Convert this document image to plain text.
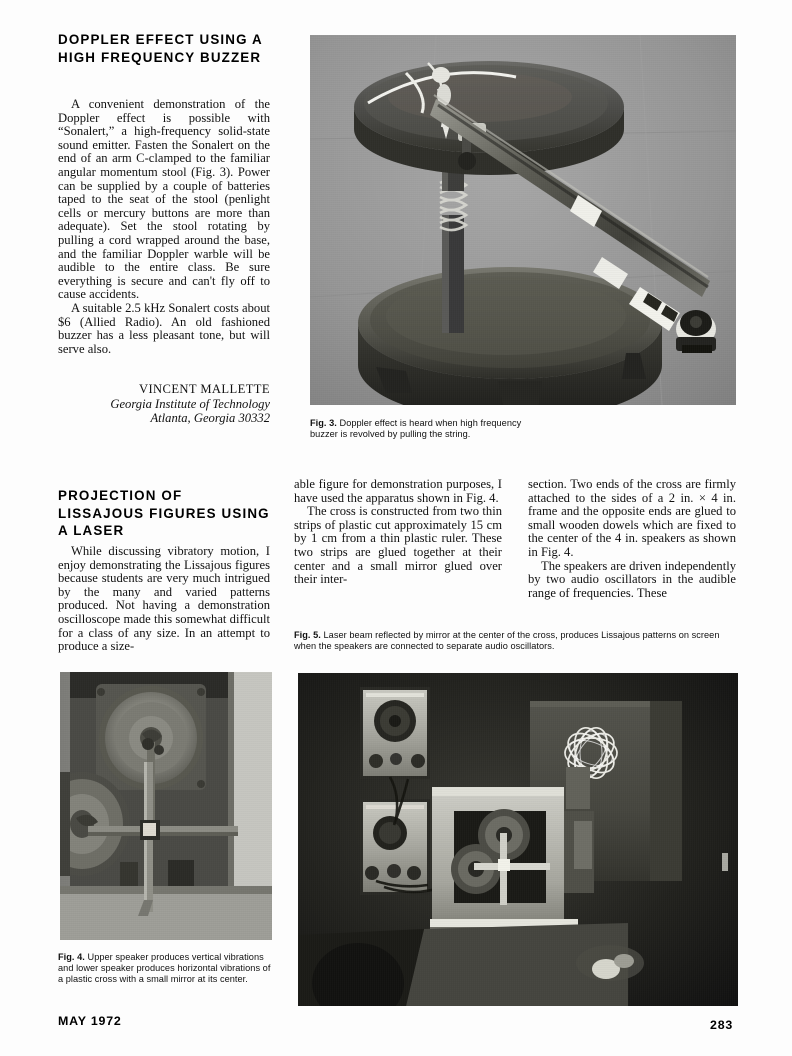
DOPPLER EFFECT USING A HIGH FREQUENCY BUZZER

A convenient demonstration of the Doppler effect is possible with “Sonalert,” a high-frequency solid-state sound emitter. Fasten the Sonalert on the end of an arm C-clamped to the familiar angular momentum stool (Fig. 3). Power can be supplied by a couple of batteries taped to the seat of the stool (penlight cells or mercury buttons are more than adequate). Set the stool rotating by pulling a cord wrapped around the base, and the familiar Doppler warble will be audible to the entire class. Be sure everything is secure and can't fly off to cause accidents.

A suitable 2.5 kHz Sonalert costs about $6 (Allied Radio). An old fashioned buzzer has a less pleasant tone, but will serve also.

VINCENT MALLETTE
Georgia Institute of Technology
Atlanta, Georgia 30332	Fig. 3. Doppler effect is heard when high frequency buzzer is revolved by pulling the string.
PROJECTION OF LISSAJOUS FIGURES USING A LASER

While discussing vibratory motion, I enjoy demonstrating the Lissajous figures because students are very much intrigued by the many and varied patterns produced. Not having a demonstration oscilloscope made this somewhat difficult for a class of any size. In an attempt to produce a size-

able figure for demonstration purposes, I have used the apparatus shown in Fig. 4.

The cross is constructed from two thin strips of plastic cut approximately 15 cm by 1 cm from a thin plastic ruler. These two strips are glued together at their center and a small mirror glued over their inter-

section. Two ends of the cross are firmly attached to the sides of a 2 in. × 4 in. frame and the opposite ends are glued to small wooden dowels which are fixed to the center of the 4 in. speakers as shown in Fig. 4.

The speakers are driven independently by two audio oscillators in the audible range of frequencies. These

Fig. 5. Laser beam reflected by mirror at the center of the cross, produces Lissajous patterns on screen when the speakers are connected to separate audio oscillators.
Fig. 4. Upper speaker produces vertical vibrations and lower speaker produces horizontal vibrations of a plastic cross with a small mirror at its center.
MAY 1972	283
